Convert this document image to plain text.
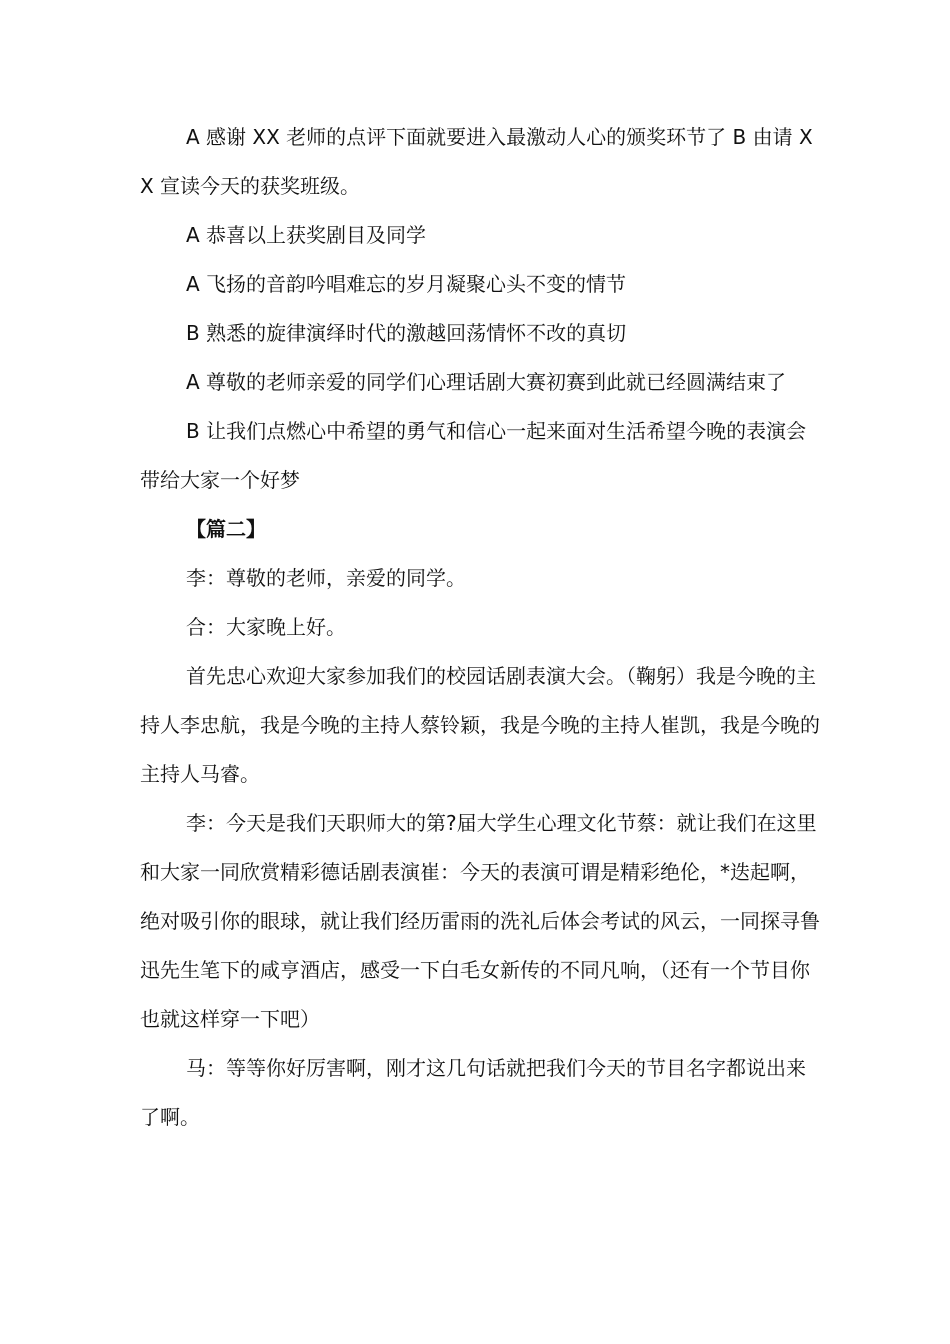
A 感谢 XX 老师的点评下面就要进入最激动人心的颁奖环节了 B 由请 XX 宣读今天的获奖班级。

A 恭喜以上获奖剧目及同学

A 飞扬的音韵吟唱难忘的岁月凝聚心头不变的情节

B 熟悉的旋律演绎时代的激越回荡情怀不改的真切

A 尊敬的老师亲爱的同学们心理话剧大赛初赛到此就已经圆满结束了

B 让我们点燃心中希望的勇气和信心一起来面对生活希望今晚的表演会带给大家一个好梦

【篇二】

李：尊敬的老师，亲爱的同学。

合：大家晚上好。

首先忠心欢迎大家参加我们的校园话剧表演大会。（鞠躬）我是今晚的主持人李忠航，我是今晚的主持人蔡铃颖，我是今晚的主持人崔凯，我是今晚的主持人马睿。

李：今天是我们天职师大的第?届大学生心理文化节蔡：就让我们在这里和大家一同欣赏精彩德话剧表演崔：今天的表演可谓是精彩绝伦，*迭起啊，绝对吸引你的眼球，就让我们经历雷雨的洗礼后体会考试的风云，一同探寻鲁迅先生笔下的咸亨酒店，感受一下白毛女新传的不同凡响，（还有一个节目你也就这样穿一下吧）

马：等等你好厉害啊，刚才这几句话就把我们今天的节目名字都说出来了啊。
